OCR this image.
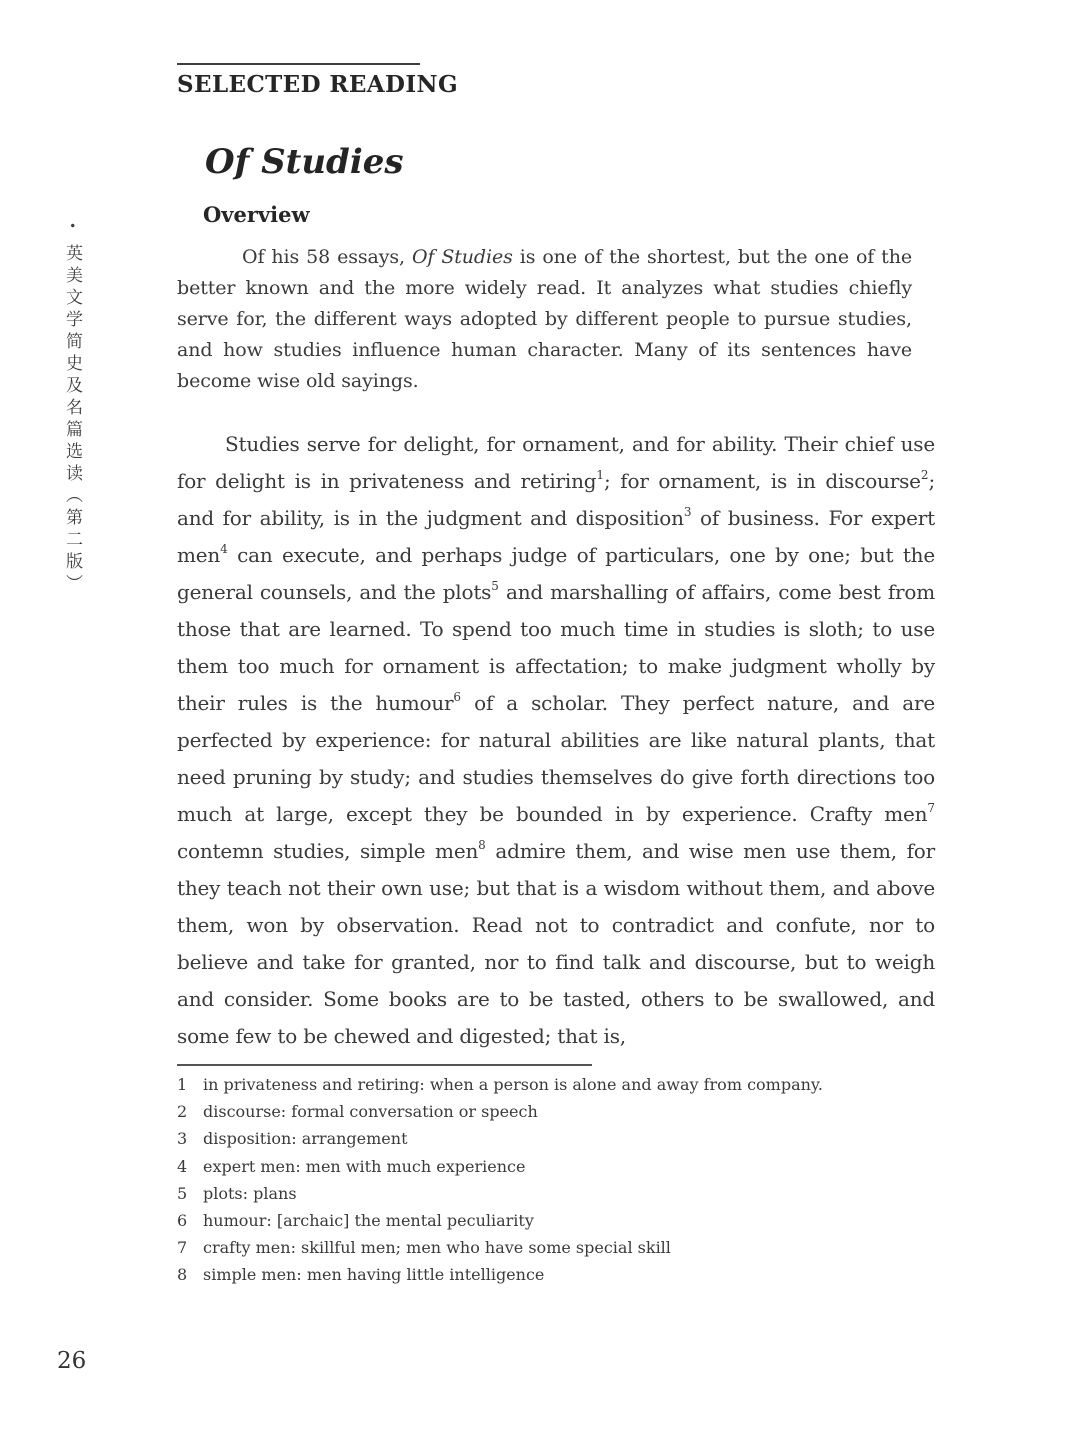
•英美文学简史及名篇选读（第二版）
26
SELECTED READING
Of Studies
Overview

Of his 58 essays, Of Studies is one of the shortest, but the one of the better known and the more widely read. It analyzes what studies chiefly serve for, the different ways adopted by different people to pursue studies, and how studies influence human character. Many of its sentences have become wise old sayings.

Studies serve for delight, for ornament, and for ability. Their chief use for delight is in privateness and retiring$^1$; for ornament, is in discourse$^2$; and for ability, is in the judgment and disposition$^3$ of business. For expert men$^4$ can execute, and perhaps judge of particulars, one by one; but the general counsels, and the plots$^5$ and marshalling of affairs, come best from those that are learned. To spend too much time in studies is sloth; to use them too much for ornament is affectation; to make judgment wholly by their rules is the humour$^6$ of a scholar. They perfect nature, and are perfected by experience: for natural abilities are like natural plants, that need pruning by study; and studies themselves do give forth directions too much at large, except they be bounded in by experience. Crafty men$^7$ contemn studies, simple men$^8$ admire them, and wise men use them, for they teach not their own use; but that is a wisdom without them, and above them, won by observation. Read not to contradict and confute, nor to believe and take for granted, nor to find talk and discourse, but to weigh and consider. Some books are to be tasted, others to be swallowed, and some few to be chewed and digested; that is,

1 in privateness and retiring: when a person is alone and away from company.
2 discourse: formal conversation or speech
3 disposition: arrangement
4 expert men: men with much experience
5 plots: plans
6 humour: [archaic] the mental peculiarity
7 crafty men: skillful men; men who have some special skill
8 simple men: men having little intelligence
